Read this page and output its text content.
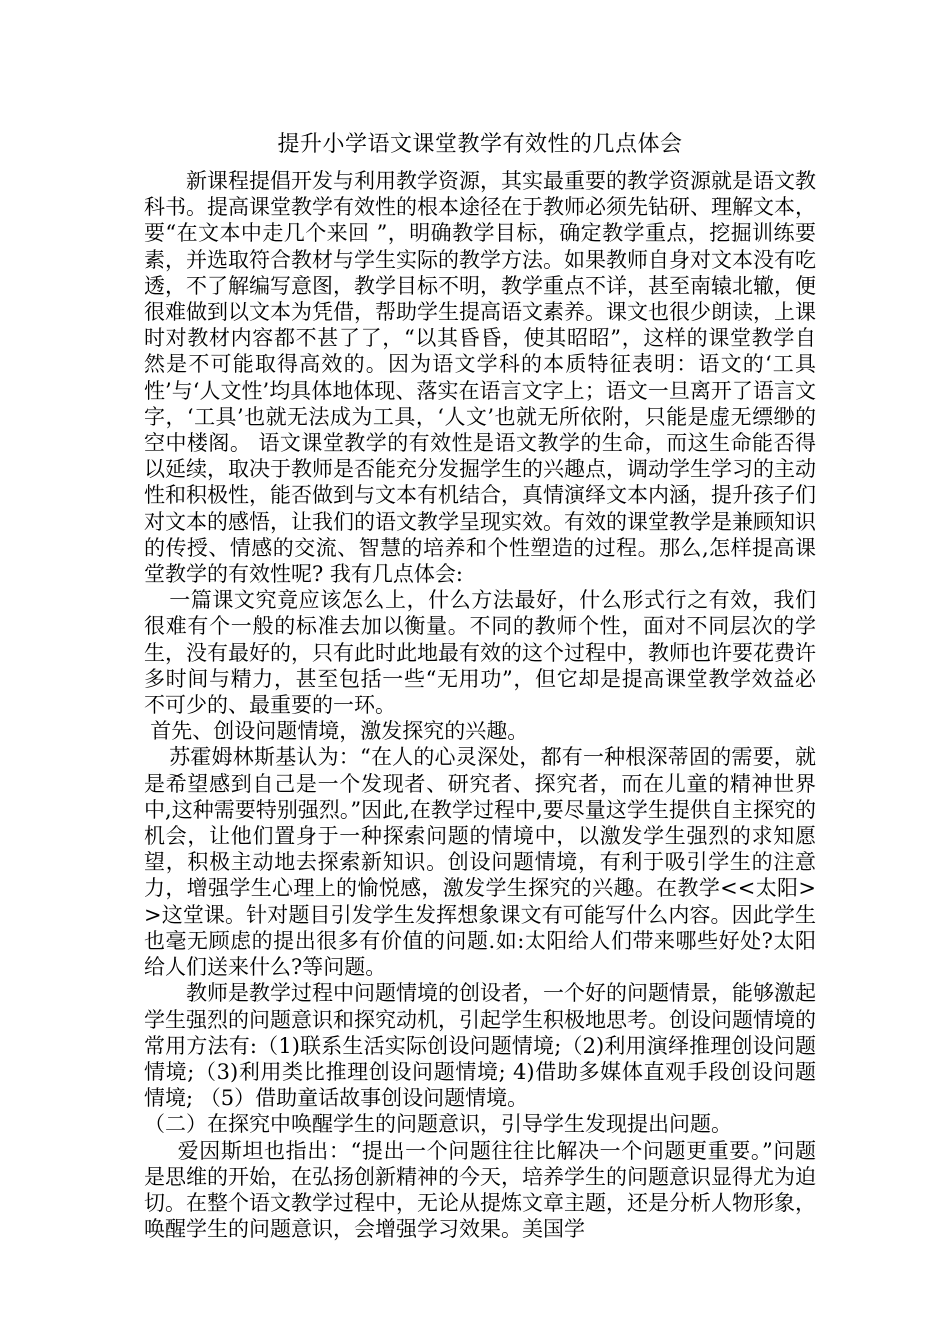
提升小学语文课堂教学有效性的几点体会

新课程提倡开发与利用教学资源，其实最重要的教学资源就是语文教科书。提高课堂教学有效性的根本途径在于教师必须先钻研、理解文本，要“在文本中走几个来回 ”，明确教学目标，确定教学重点，挖掘训练要素，并选取符合教材与学生实际的教学方法。如果教师自身对文本没有吃透，不了解编写意图，教学目标不明，教学重点不详，甚至南辕北辙，便很难做到以文本为凭借，帮助学生提高语文素养。课文也很少朗读，上课时对教材内容都不甚了了，“以其昏昏，使其昭昭”，这样的课堂教学自然是不可能取得高效的。因为语文学科的本质特征表明：语文的‘工具性’与‘人文性’均具体地体现、落实在语言文字上；语文一旦离开了语言文字，‘工具’也就无法成为工具，‘人文’也就无所依附，只能是虚无缥缈的空中楼阁。 语文课堂教学的有效性是语文教学的生命，而这生命能否得以延续，取决于教师是否能充分发掘学生的兴趣点，调动学生学习的主动性和积极性，能否做到与文本有机结合，真情演绎文本内涵，提升孩子们对文本的感悟，让我们的语文教学呈现实效。有效的课堂教学是兼顾知识的传授、情感的交流、智慧的培养和个性塑造的过程。那么,怎样提高课堂教学的有效性呢? 我有几点体会:

一篇课文究竟应该怎么上，什么方法最好，什么形式行之有效，我们很难有个一般的标准去加以衡量。不同的教师个性，面对不同层次的学生，没有最好的，只有此时此地最有效的这个过程中，教师也许要花费许多时间与精力，甚至包括一些“无用功”，但它却是提高课堂教学效益必不可少的、最重要的一环。

首先、创设问题情境，激发探究的兴趣。

苏霍姆林斯基认为：“在人的心灵深处，都有一种根深蒂固的需要，就是希望感到自己是一个发现者、研究者、探究者，而在儿童的精神世界中,这种需要特别强烈。”因此,在教学过程中,要尽量这学生提供自主探究的机会，让他们置身于一种探索问题的情境中，以激发学生强烈的求知愿望，积极主动地去探索新知识。创设问题情境，有利于吸引学生的注意力，增强学生心理上的愉悦感，激发学生探究的兴趣。在教学<<太阳>>这堂课。针对题目引发学生发挥想象课文有可能写什么内容。因此学生也毫无顾虑的提出很多有价值的问题.如:太阳给人们带来哪些好处?太阳给人们送来什么?等问题。

教师是教学过程中问题情境的创设者，一个好的问题情景，能够激起学生强烈的问题意识和探究动机，引起学生积极地思考。创设问题情境的常用方法有:（1)联系生活实际创设问题情境;（2)利用演绎推理创设问题情境;（3)利用类比推理创设问题情境; 4)借助多媒体直观手段创设问题情境; （5）借助童话故事创设问题情境。

（二）在探究中唤醒学生的问题意识，引导学生发现提出问题。

爱因斯坦也指出：“提出一个问题往往比解决一个问题更重要。”问题是思维的开始，在弘扬创新精神的今天，培养学生的问题意识显得尤为迫切。在整个语文教学过程中，无论从提炼文章主题，还是分析人物形象，唤醒学生的问题意识，会增强学习效果。美国学
